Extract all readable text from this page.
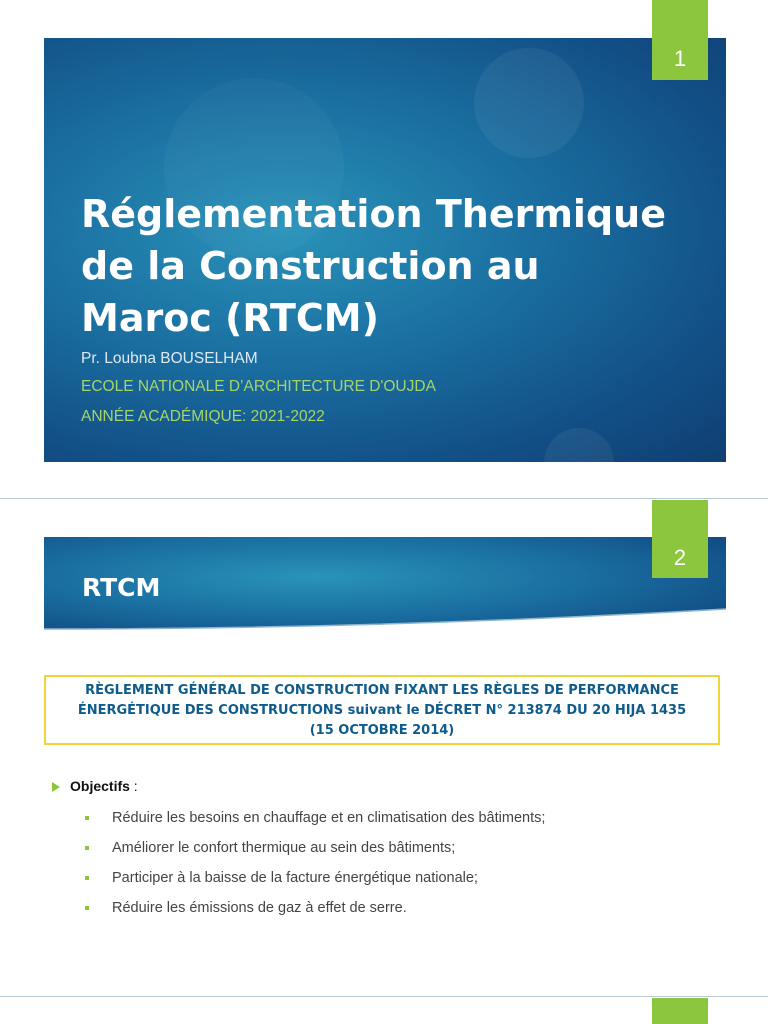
Réglementation Thermique
de la Construction au
Maroc (RTCM)
Pr. Loubna BOUSELHAM
ECOLE NATIONALE D’ARCHITECTURE D'OUJDA
ANNÉE ACADÉMIQUE: 2021-2022
1
RTCM
2
RÈGLEMENT GÉNÉRAL DE CONSTRUCTION FIXANT LES RÈGLES DE PERFORMANCE
ÉNERGÉTIQUE DES CONSTRUCTIONS suivant le DÉCRET N° 213874 DU 20 HIJA 1435
(15 OCTOBRE 2014)
Objectifs :
Réduire les besoins en chauffage et en climatisation des bâtiments;
Améliorer le confort thermique au sein des bâtiments;
Participer à la baisse de la facture énergétique nationale;
Réduire les émissions de gaz à effet de serre.
